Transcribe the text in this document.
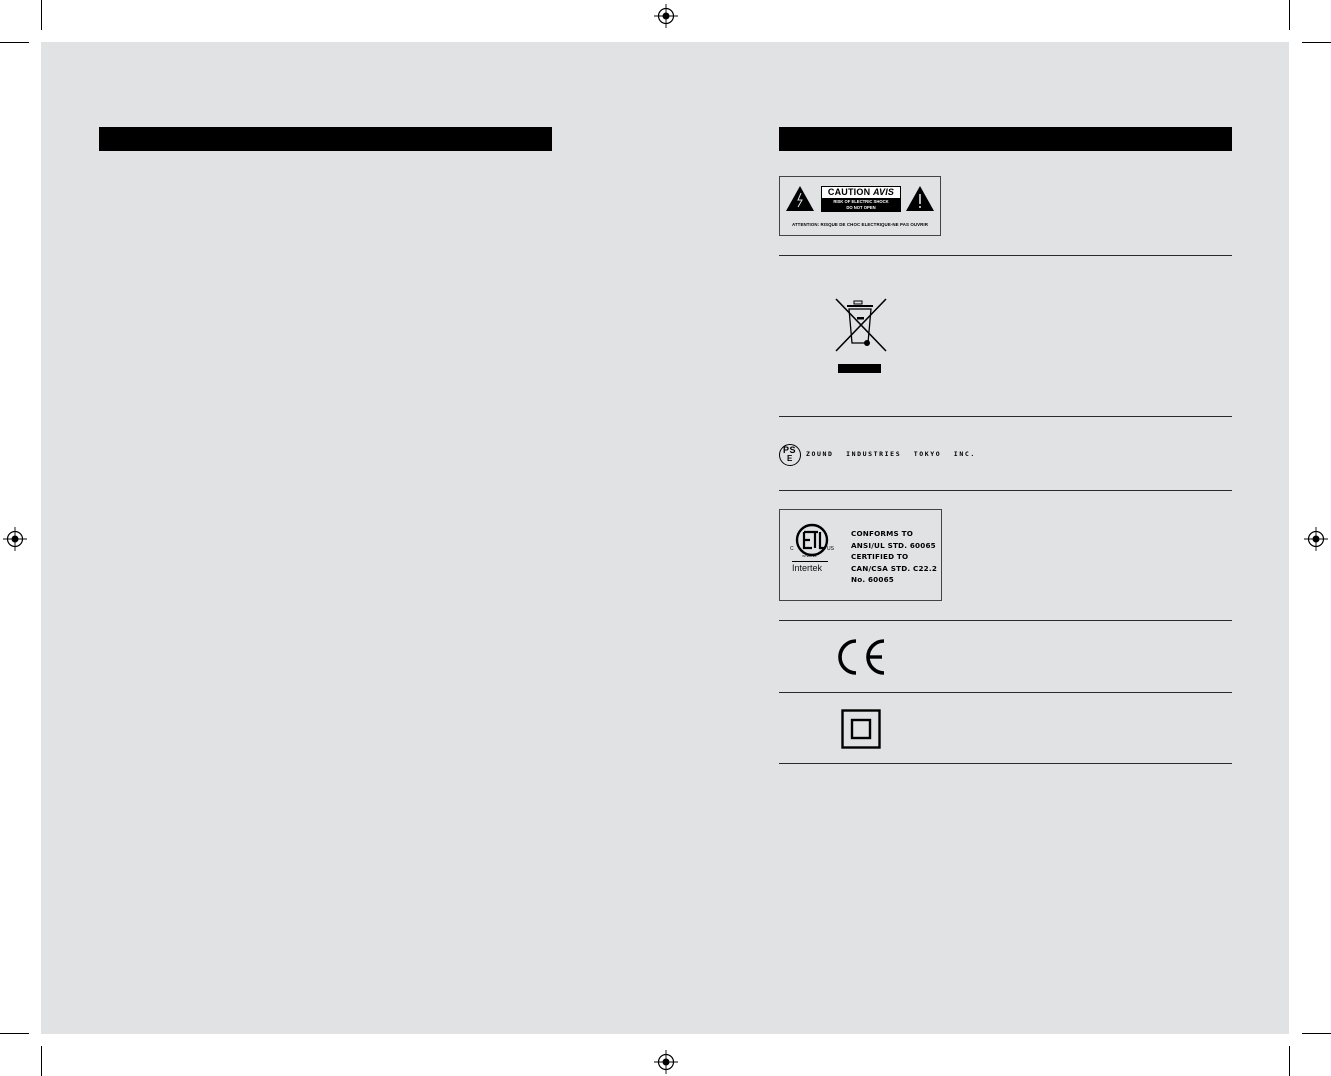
CAUTION AVIS
RISK OF ELECTRIC SHOCK
DO NOT OPEN
ATTENTION: RISQUE DE CHOC ELECTRIQUE-NE PAS OUVRIR
PS
E ZOUND INDUSTRIES TOKYO INC.
C	US
INTERTEK
Intertek
CONFORMS TO
ANSI/UL STD. 60065
CERTIFIED TO
CAN/CSA STD. C22.2
No. 60065
